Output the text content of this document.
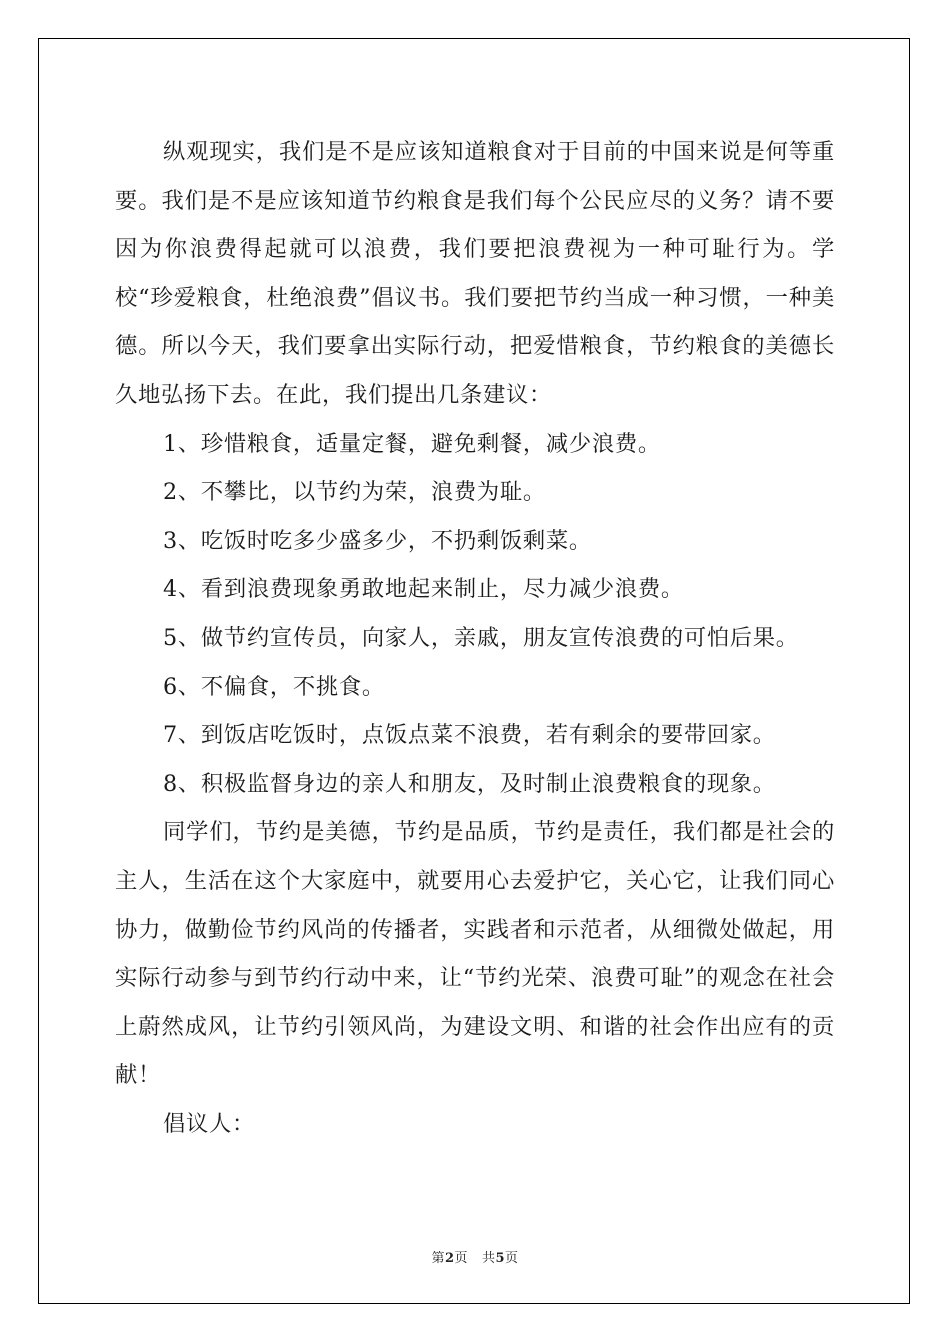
纵观现实，我们是不是应该知道粮食对于目前的中国来说是何等重要。我们是不是应该知道节约粮食是我们每个公民应尽的义务？请不要因为你浪费得起就可以浪费，我们要把浪费视为一种可耻行为。学校“珍爱粮食，杜绝浪费”倡议书。我们要把节约当成一种习惯，一种美德。所以今天，我们要拿出实际行动，把爱惜粮食，节约粮食的美德长久地弘扬下去。在此，我们提出几条建议：

1、珍惜粮食，适量定餐，避免剩餐，减少浪费。

2、不攀比，以节约为荣，浪费为耻。

3、吃饭时吃多少盛多少，不扔剩饭剩菜。

4、看到浪费现象勇敢地起来制止，尽力减少浪费。

5、做节约宣传员，向家人，亲戚，朋友宣传浪费的可怕后果。

6、不偏食，不挑食。

7、到饭店吃饭时，点饭点菜不浪费，若有剩余的要带回家。

8、积极监督身边的亲人和朋友，及时制止浪费粮食的现象。

同学们，节约是美德，节约是品质，节约是责任，我们都是社会的主人，生活在这个大家庭中，就要用心去爱护它，关心它，让我们同心协力，做勤俭节约风尚的传播者，实践者和示范者，从细微处做起，用实际行动参与到节约行动中来，让“节约光荣、浪费可耻”的观念在社会上蔚然成风，让节约引领风尚，为建设文明、和谐的社会作出应有的贡献！

倡议人：

第2页 共5页
